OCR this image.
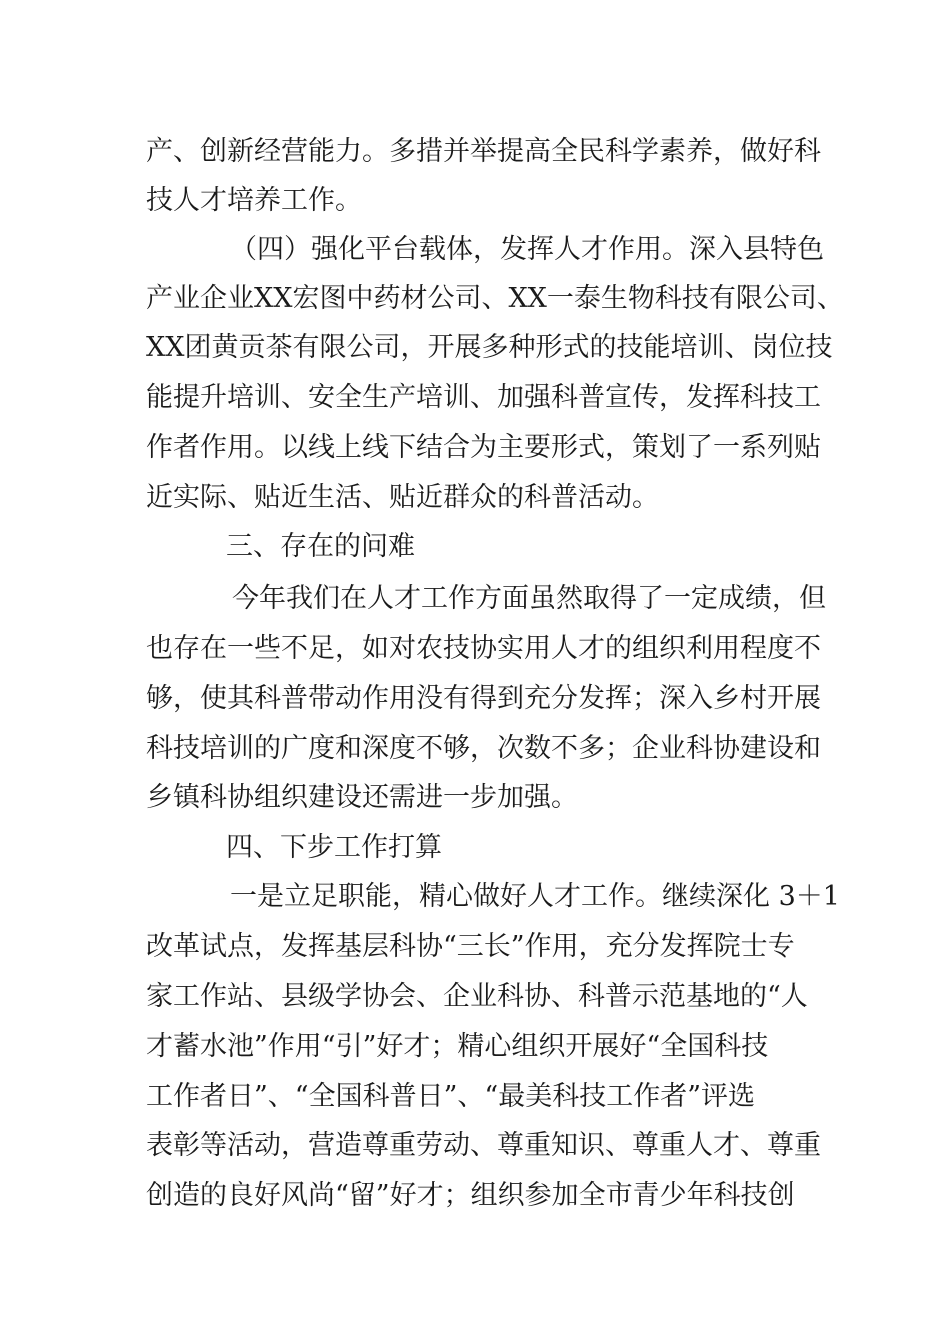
产、创新经营能力。多措并举提高全民科学素养，做好科
技人才培养工作。
（四）强化平台载体，发挥人才作用。深入县特色
产业企业XX宏图中药材公司、XX一泰生物科技有限公司、
XX团黄贡茶有限公司，开展多种形式的技能培训、岗位技
能提升培训、安全生产培训、加强科普宣传，发挥科技工
作者作用。以线上线下结合为主要形式，策划了一系列贴
近实际、贴近生活、贴近群众的科普活动。
三、存在的问难
今年我们在人才工作方面虽然取得了一定成绩，但
也存在一些不足，如对农技协实用人才的组织利用程度不
够，使其科普带动作用没有得到充分发挥；深入乡村开展
科技培训的广度和深度不够，次数不多；企业科协建设和
乡镇科协组织建设还需进一步加强。
四、下步工作打算
一是立足职能，精心做好人才工作。继续深化 3＋1
改革试点，发挥基层科协“三长”作用，充分发挥院士专
家工作站、县级学协会、企业科协、科普示范基地的“人
才蓄水池”作用“引”好才；精心组织开展好“全国科技
工作者日”、“全国科普日”、“最美科技工作者”评选
表彰等活动，营造尊重劳动、尊重知识、尊重人才、尊重
创造的良好风尚“留”好才；组织参加全市青少年科技创
